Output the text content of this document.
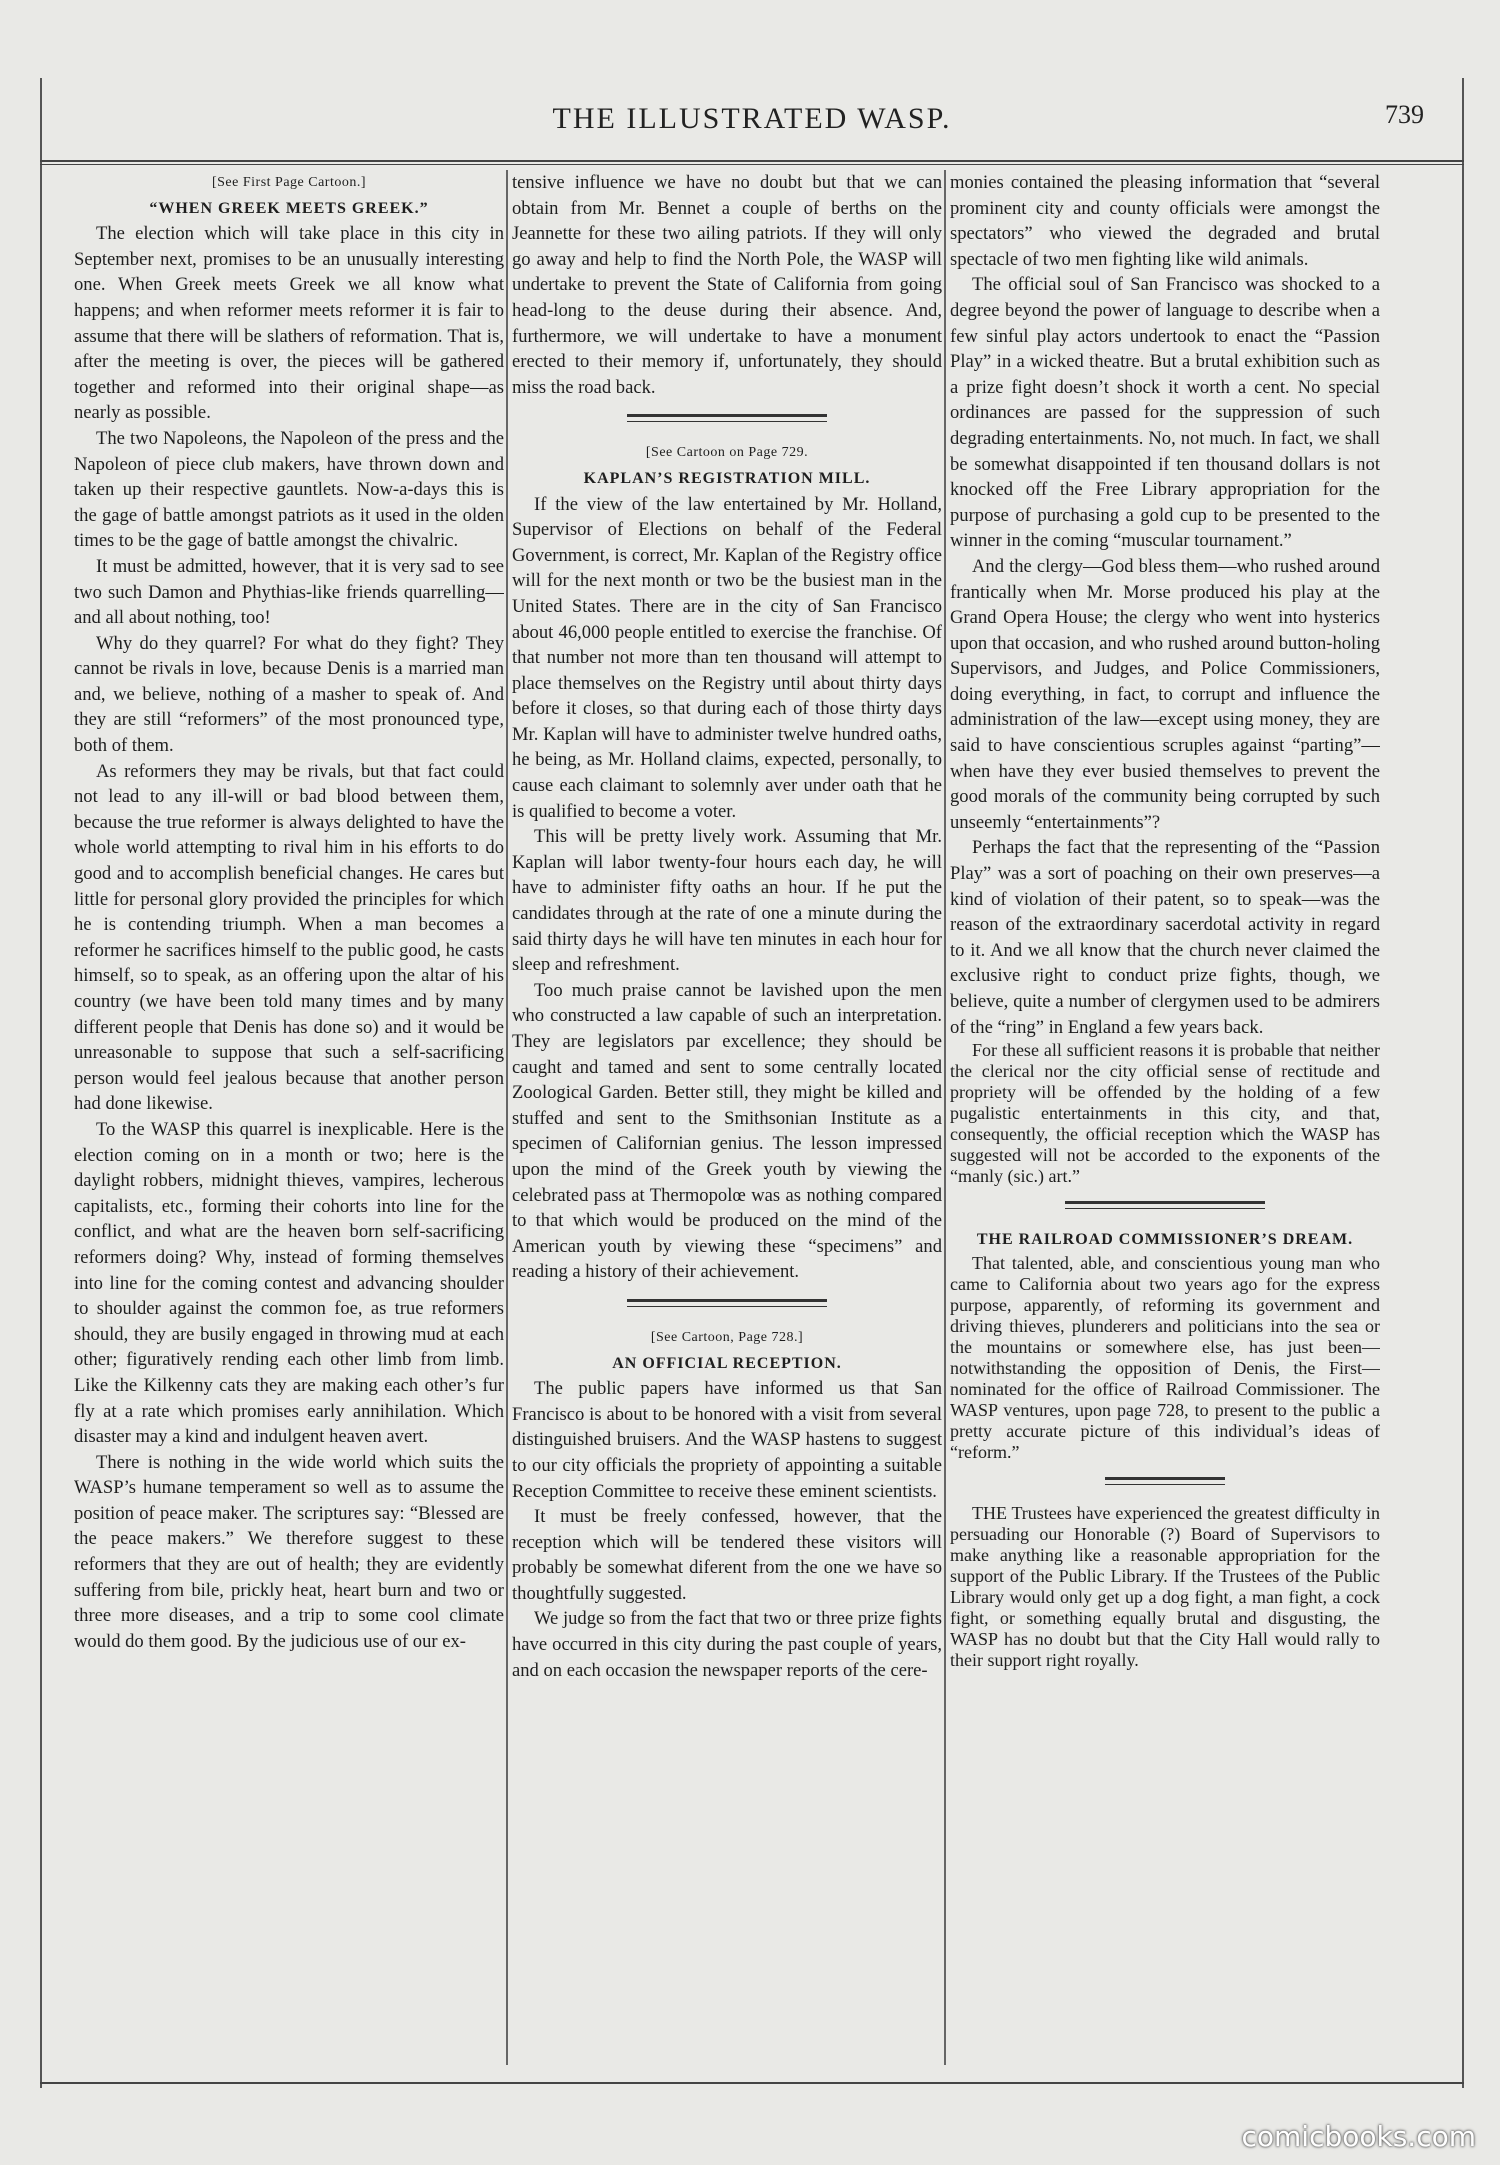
THE ILLUSTRATED WASP.	739

[See First Page Cartoon.]

“WHEN GREEK MEETS GREEK.”

The election which will take place in this city in September next, promises to be an unusually interesting one. When Greek meets Greek we all know what happens; and when reformer meets reformer it is fair to assume that there will be slathers of reformation. That is, after the meeting is over, the pieces will be gathered together and reformed into their original shape—as nearly as possible.

The two Napoleons, the Napoleon of the press and the Napoleon of piece club makers, have thrown down and taken up their respective gauntlets. Now-a-days this is the gage of battle amongst patriots as it used in the olden times to be the gage of battle amongst the chivalric.

It must be admitted, however, that it is very sad to see two such Damon and Phythias-like friends quarrelling—and all about nothing, too!

Why do they quarrel? For what do they fight? They cannot be rivals in love, because Denis is a married man and, we believe, nothing of a masher to speak of. And they are still “reformers” of the most pronounced type, both of them.

As reformers they may be rivals, but that fact could not lead to any ill-will or bad blood between them, because the true reformer is always delighted to have the whole world attempting to rival him in his efforts to do good and to accomplish beneficial changes. He cares but little for personal glory provided the principles for which he is contending triumph. When a man becomes a reformer he sacrifices himself to the public good, he casts himself, so to speak, as an offering upon the altar of his country (we have been told many times and by many different people that Denis has done so) and it would be unreasonable to suppose that such a self-sacrificing person would feel jealous because that another person had done likewise.

To the WASP this quarrel is inexplicable. Here is the election coming on in a month or two; here is the daylight robbers, midnight thieves, vampires, lecherous capitalists, etc., forming their cohorts into line for the conflict, and what are the heaven born self-sacrificing reformers doing? Why, instead of forming themselves into line for the coming contest and advancing shoulder to shoulder against the common foe, as true reformers should, they are busily engaged in throwing mud at each other; figuratively rending each other limb from limb. Like the Kilkenny cats they are making each other’s fur fly at a rate which promises early annihilation. Which disaster may a kind and indulgent heaven avert.

There is nothing in the wide world which suits the WASP’s humane temperament so well as to assume the position of peace maker. The scriptures say: “Blessed are the peace makers.” We therefore suggest to these reformers that they are out of health; they are evidently suffering from bile, prickly heat, heart burn and two or three more diseases, and a trip to some cool climate would do them good. By the judicious use of our ex-

tensive influence we have no doubt but that we can obtain from Mr. Bennet a couple of berths on the Jeannette for these two ailing patriots. If they will only go away and help to find the North Pole, the WASP will undertake to prevent the State of California from going head-long to the deuse during their absence. And, furthermore, we will undertake to have a monument erected to their memory if, unfortunately, they should miss the road back.

[See Cartoon on Page 729.

KAPLAN’S REGISTRATION MILL.

If the view of the law entertained by Mr. Holland, Supervisor of Elections on behalf of the Federal Government, is correct, Mr. Kaplan of the Registry office will for the next month or two be the busiest man in the United States. There are in the city of San Francisco about 46,000 people entitled to exercise the franchise. Of that number not more than ten thousand will attempt to place themselves on the Registry until about thirty days before it closes, so that during each of those thirty days Mr. Kaplan will have to administer twelve hundred oaths, he being, as Mr. Holland claims, expected, personally, to cause each claimant to solemnly aver under oath that he is qualified to become a voter.

This will be pretty lively work. Assuming that Mr. Kaplan will labor twenty-four hours each day, he will have to administer fifty oaths an hour. If he put the candidates through at the rate of one a minute during the said thirty days he will have ten minutes in each hour for sleep and refreshment.

Too much praise cannot be lavished upon the men who constructed a law capable of such an interpretation. They are legislators par excellence; they should be caught and tamed and sent to some centrally located Zoological Garden. Better still, they might be killed and stuffed and sent to the Smithsonian Institute as a specimen of Californian genius. The lesson impressed upon the mind of the Greek youth by viewing the celebrated pass at Thermopolœ was as nothing compared to that which would be produced on the mind of the American youth by viewing these “specimens” and reading a history of their achievement.

[See Cartoon, Page 728.]

AN OFFICIAL RECEPTION.

The public papers have informed us that San Francisco is about to be honored with a visit from several distinguished bruisers. And the WASP hastens to suggest to our city officials the propriety of appointing a suitable Reception Committee to receive these eminent scientists.

It must be freely confessed, however, that the reception which will be tendered these visitors will probably be somewhat diferent from the one we have so thoughtfully suggested.

We judge so from the fact that two or three prize fights have occurred in this city during the past couple of years, and on each occasion the newspaper reports of the cere-

monies contained the pleasing information that “several prominent city and county officials were amongst the spectators” who viewed the degraded and brutal spectacle of two men fighting like wild animals.

The official soul of San Francisco was shocked to a degree beyond the power of language to describe when a few sinful play actors undertook to enact the “Passion Play” in a wicked theatre. But a brutal exhibition such as a prize fight doesn’t shock it worth a cent. No special ordinances are passed for the suppression of such degrading entertainments. No, not much. In fact, we shall be somewhat disappointed if ten thousand dollars is not knocked off the Free Library appropriation for the purpose of purchasing a gold cup to be presented to the winner in the coming “muscular tournament.”

And the clergy—God bless them—who rushed around frantically when Mr. Morse produced his play at the Grand Opera House; the clergy who went into hysterics upon that occasion, and who rushed around button-holing Supervisors, and Judges, and Police Commissioners, doing everything, in fact, to corrupt and influence the administration of the law—except using money, they are said to have conscientious scruples against “parting”—when have they ever busied themselves to prevent the good morals of the community being corrupted by such unseemly “entertainments”?

Perhaps the fact that the representing of the “Passion Play” was a sort of poaching on their own preserves—a kind of violation of their patent, so to speak—was the reason of the extraordinary sacerdotal activity in regard to it. And we all know that the church never claimed the exclusive right to conduct prize fights, though, we believe, quite a number of clergymen used to be admirers of the “ring” in England a few years back.

For these all sufficient reasons it is probable that neither the clerical nor the city official sense of rectitude and propriety will be offended by the holding of a few pugalistic entertainments in this city, and that, consequently, the official reception which the WASP has suggested will not be accorded to the exponents of the “manly (sic.) art.”

THE RAILROAD COMMISSIONER’S DREAM.

That talented, able, and conscientious young man who came to California about two years ago for the express purpose, apparently, of reforming its government and driving thieves, plunderers and politicians into the sea or the mountains or somewhere else, has just been—notwithstanding the opposition of Denis, the First—nominated for the office of Railroad Commissioner. The WASP ventures, upon page 728, to present to the public a pretty accurate picture of this individual’s ideas of “reform.”

THE Trustees have experienced the greatest difficulty in persuading our Honorable (?) Board of Supervisors to make anything like a reasonable appropriation for the support of the Public Library. If the Trustees of the Public Library would only get up a dog fight, a man fight, a cock fight, or something equally brutal and disgusting, the WASP has no doubt but that the City Hall would rally to their support right royally.

comicbooks.com
